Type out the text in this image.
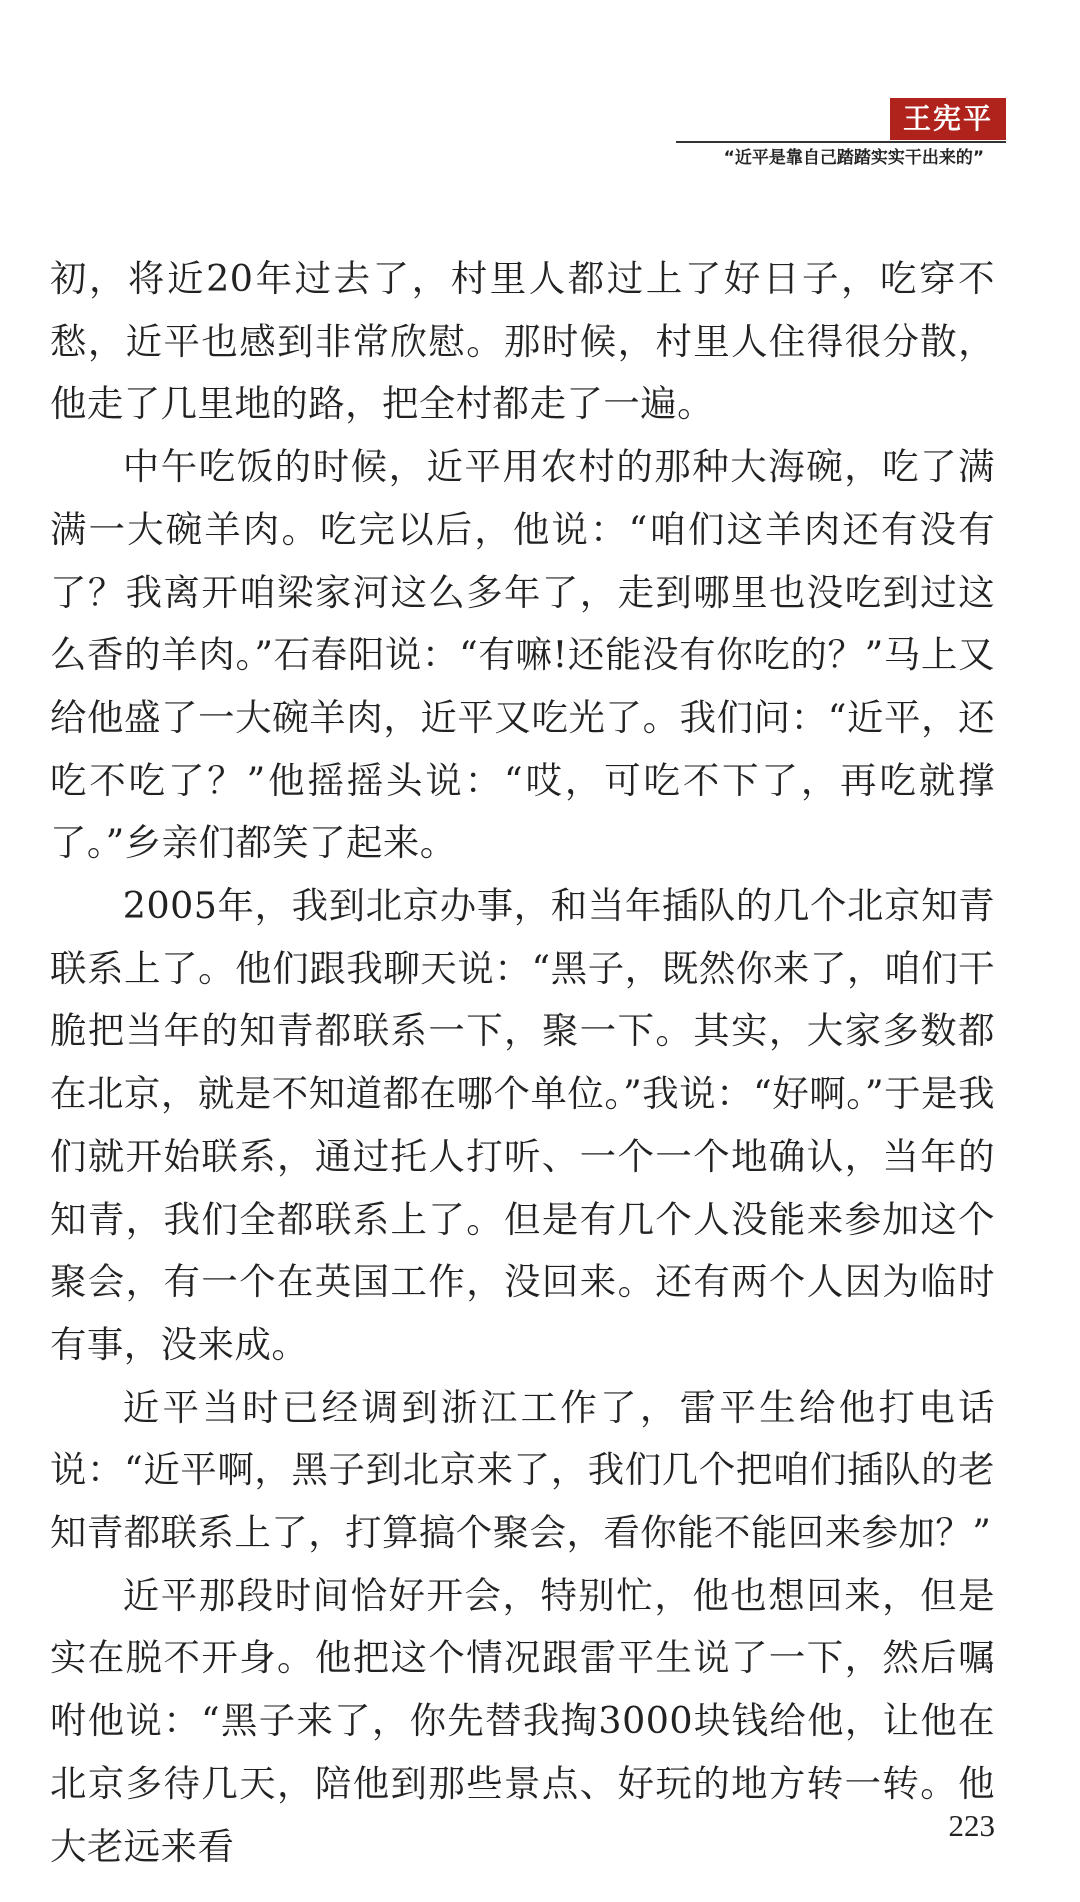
王宪平
“近平是靠自己踏踏实实干出来的”

初，将近20年过去了，村里人都过上了好日子，吃穿不愁，近平也感到非常欣慰。那时候，村里人住得很分散，他走了几里地的路，把全村都走了一遍。

中午吃饭的时候，近平用农村的那种大海碗，吃了满满一大碗羊肉。吃完以后，他说：“咱们这羊肉还有没有了？我离开咱梁家河这么多年了，走到哪里也没吃到过这么香的羊肉。”石春阳说：“有嘛!还能没有你吃的？”马上又给他盛了一大碗羊肉，近平又吃光了。我们问：“近平，还吃不吃了？”他摇摇头说：“哎，可吃不下了，再吃就撑了。”乡亲们都笑了起来。

2005年，我到北京办事，和当年插队的几个北京知青联系上了。他们跟我聊天说：“黑子，既然你来了，咱们干脆把当年的知青都联系一下，聚一下。其实，大家多数都在北京，就是不知道都在哪个单位。”我说：“好啊。”于是我们就开始联系，通过托人打听、一个一个地确认，当年的知青，我们全都联系上了。但是有几个人没能来参加这个聚会，有一个在英国工作，没回来。还有两个人因为临时有事，没来成。

近平当时已经调到浙江工作了，雷平生给他打电话说：“近平啊，黑子到北京来了，我们几个把咱们插队的老知青都联系上了，打算搞个聚会，看你能不能回来参加？”

近平那段时间恰好开会，特别忙，他也想回来，但是实在脱不开身。他把这个情况跟雷平生说了一下，然后嘱咐他说：“黑子来了，你先替我掏3000块钱给他，让他在北京多待几天，陪他到那些景点、好玩的地方转一转。他大老远来看	223
